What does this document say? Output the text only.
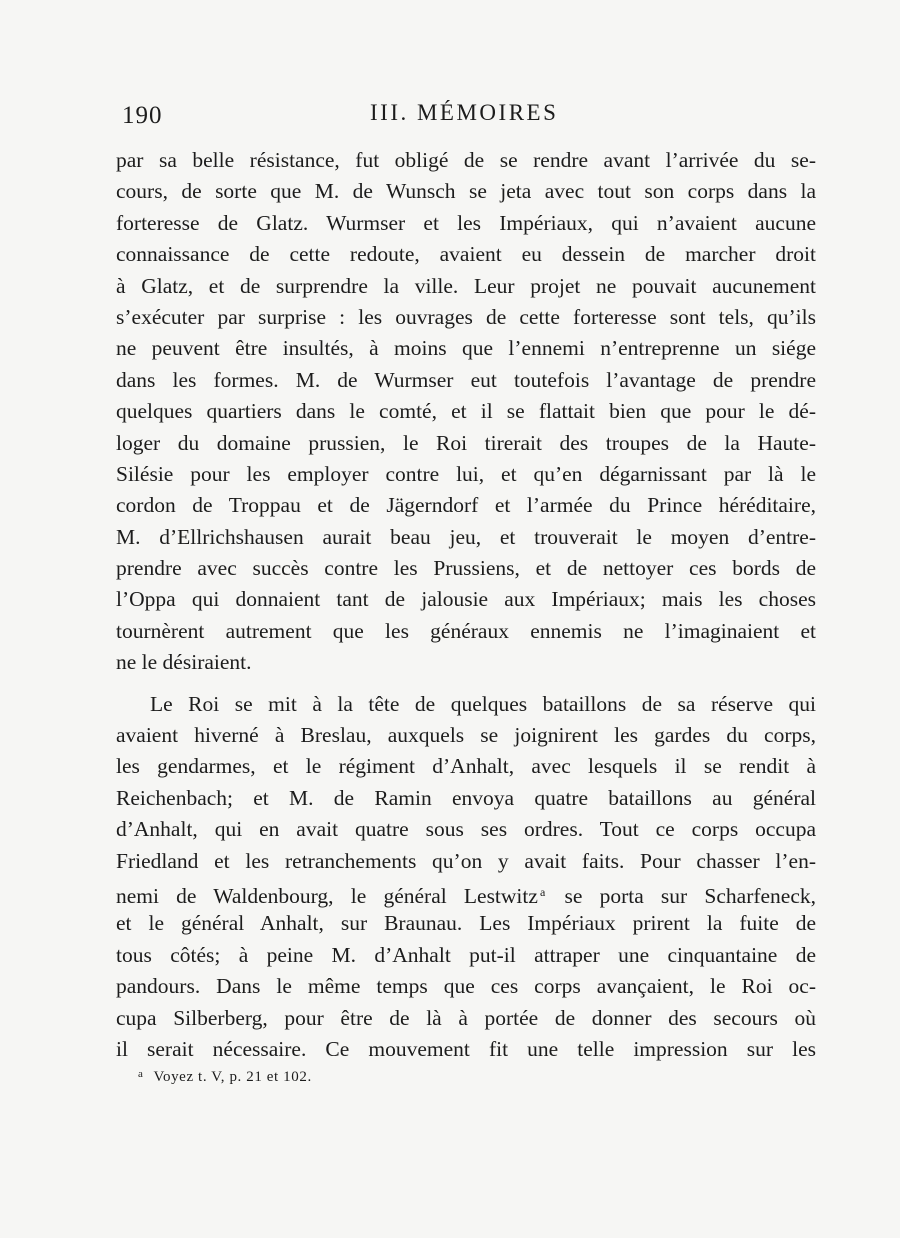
190	III. MÉMOIRES
par sa belle résistance, fut obligé de se rendre avant l’arrivée du se-
cours, de sorte que M. de Wunsch se jeta avec tout son corps dans la
forteresse de Glatz. Wurmser et les Impériaux, qui n’avaient aucune
connaissance de cette redoute, avaient eu dessein de marcher droit
à Glatz, et de surprendre la ville. Leur projet ne pouvait aucunement
s’exécuter par surprise : les ouvrages de cette forteresse sont tels, qu’ils
ne peuvent être insultés, à moins que l’ennemi n’entreprenne un siége
dans les formes. M. de Wurmser eut toutefois l’avantage de prendre
quelques quartiers dans le comté, et il se flattait bien que pour le dé-
loger du domaine prussien, le Roi tirerait des troupes de la Haute-
Silésie pour les employer contre lui, et qu’en dégarnissant par là le
cordon de Troppau et de Jägerndorf et l’armée du Prince héréditaire,
M. d’Ellrichshausen aurait beau jeu, et trouverait le moyen d’entre-
prendre avec succès contre les Prussiens, et de nettoyer ces bords de
l’Oppa qui donnaient tant de jalousie aux Impériaux; mais les choses
tournèrent autrement que les généraux ennemis ne l’imaginaient et
ne le désiraient.
Le Roi se mit à la tête de quelques bataillons de sa réserve qui
avaient hiverné à Breslau, auxquels se joignirent les gardes du corps,
les gendarmes, et le régiment d’Anhalt, avec lesquels il se rendit à
Reichenbach; et M. de Ramin envoya quatre bataillons au général
d’Anhalt, qui en avait quatre sous ses ordres. Tout ce corps occupa
Friedland et les retranchements qu’on y avait faits. Pour chasser l’en-
nemi de Waldenbourg, le général Lestwitz $^a$ se porta sur Scharfeneck,
et le général Anhalt, sur Braunau. Les Impériaux prirent la fuite de
tous côtés; à peine M. d’Anhalt put-il attraper une cinquantaine de
pandours. Dans le même temps que ces corps avançaient, le Roi oc-
cupa Silberberg, pour être de là à portée de donner des secours où
il serait nécessaire. Ce mouvement fit une telle impression sur les
$^a$ Voyez t. V, p. 21 et 102.
